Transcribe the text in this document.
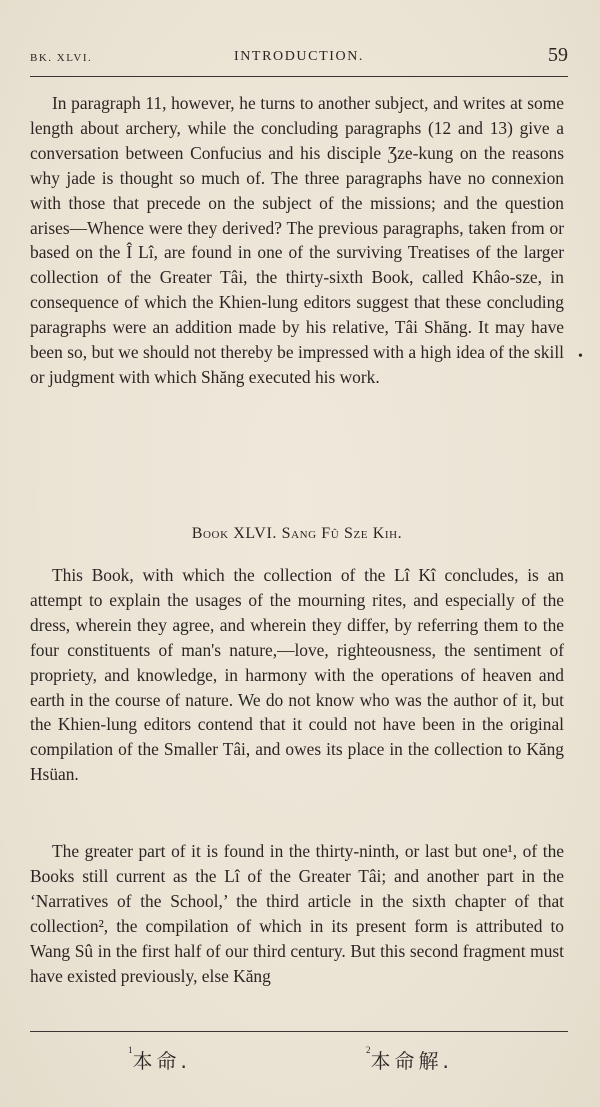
BK. XLVI.	INTRODUCTION.	59

In paragraph 11, however, he turns to another subject, and writes at some length about archery, while the concluding paragraphs (12 and 13) give a conversation between Confucius and his disciple Ʒze-kung on the reasons why jade is thought so much of. The three paragraphs have no connexion with those that precede on the subject of the missions; and the question arises—Whence were they derived? The previous paragraphs, taken from or based on the Î Lî, are found in one of the surviving Treatises of the larger collection of the Greater Tâi, the thirty-sixth Book, called Khâo-sze, in consequence of which the Khien-lung editors suggest that these concluding paragraphs were an addition made by his relative, Tâi Shăng. It may have been so, but we should not thereby be impressed with a high idea of the skill or judgment with which Shăng executed his work.

•
Book XLVI. Sang Fû Sze Kih.

This Book, with which the collection of the Lî Kî concludes, is an attempt to explain the usages of the mourning rites, and especially of the dress, wherein they agree, and wherein they differ, by referring them to the four constituents of man's nature,—love, righteousness, the sentiment of propriety, and knowledge, in harmony with the operations of heaven and earth in the course of nature. We do not know who was the author of it, but the Khien-lung editors contend that it could not have been in the original compilation of the Smaller Tâi, and owes its place in the collection to Kăng Hsüan.

The greater part of it is found in the thirty-ninth, or last but one¹, of the Books still current as the Lî of the Greater Tâi; and another part in the ‘Narratives of the School,’ the third article in the sixth chapter of that collection², the compilation of which in its present form is attributed to Wang Sû in the first half of our third century. But this second fragment must have existed previously, else Kăng

$^1$本命.	$^2$本命解.
